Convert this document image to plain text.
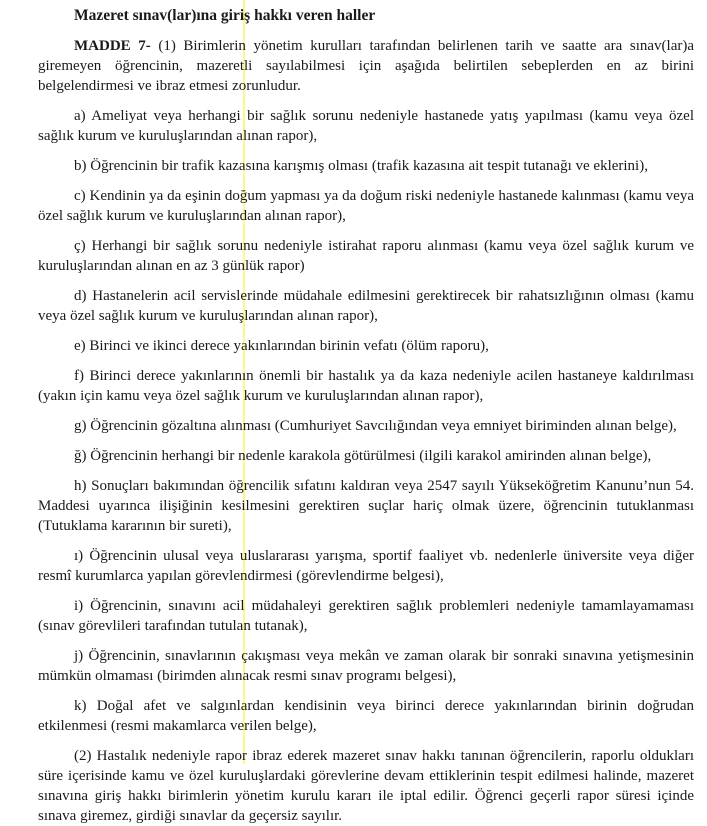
Mazeret sınav(lar)ına giriş hakkı veren haller

MADDE 7- (1) Birimlerin yönetim kurulları tarafından belirlenen tarih ve saatte ara sınav(lar)a giremeyen öğrencinin, mazeretli sayılabilmesi için aşağıda belirtilen sebeplerden en az birini belgelendirmesi ve ibraz etmesi zorunludur.

a) Ameliyat veya herhangi bir sağlık sorunu nedeniyle hastanede yatış yapılması (kamu veya özel sağlık kurum ve kuruluşlarından alınan rapor),

b) Öğrencinin bir trafik kazasına karışmış olması (trafik kazasına ait tespit tutanağı ve eklerini),

c) Kendinin ya da eşinin doğum yapması ya da doğum riski nedeniyle hastanede kalınması (kamu veya özel sağlık kurum ve kuruluşlarından alınan rapor),

ç) Herhangi bir sağlık sorunu nedeniyle istirahat raporu alınması (kamu veya özel sağlık kurum ve kuruluşlarından alınan en az 3 günlük rapor)

d) Hastanelerin acil servislerinde müdahale edilmesini gerektirecek bir rahatsızlığının olması (kamu veya özel sağlık kurum ve kuruluşlarından alınan rapor),

e) Birinci ve ikinci derece yakınlarından birinin vefatı (ölüm raporu),

f) Birinci derece yakınlarının önemli bir hastalık ya da kaza nedeniyle acilen hastaneye kaldırılması (yakın için kamu veya özel sağlık kurum ve kuruluşlarından alınan rapor),

g) Öğrencinin gözaltına alınması (Cumhuriyet Savcılığından veya emniyet biriminden alınan belge),

ğ) Öğrencinin herhangi bir nedenle karakola götürülmesi (ilgili karakol amirinden alınan belge),

h) Sonuçları bakımından öğrencilik sıfatını kaldıran veya 2547 sayılı Yükseköğretim Kanunu’nun 54. Maddesi uyarınca ilişiğinin kesilmesini gerektiren suçlar hariç olmak üzere, öğrencinin tutuklanması (Tutuklama kararının bir sureti),

ı) Öğrencinin ulusal veya uluslararası yarışma, sportif faaliyet vb. nedenlerle üniversite veya diğer resmî kurumlarca yapılan görevlendirmesi (görevlendirme belgesi),

i) Öğrencinin, sınavını acil müdahaleyi gerektiren sağlık problemleri nedeniyle tamamlayamaması (sınav görevlileri tarafından tutulan tutanak),

j) Öğrencinin, sınavlarının çakışması veya mekân ve zaman olarak bir sonraki sınavına yetişmesinin mümkün olmaması (birimden alınacak resmi sınav programı belgesi),

k) Doğal afet ve salgınlardan kendisinin veya birinci derece yakınlarından birinin doğrudan etkilenmesi (resmi makamlarca verilen belge),

(2) Hastalık nedeniyle rapor ibraz ederek mazeret sınav hakkı tanınan öğrencilerin, raporlu oldukları süre içerisinde kamu ve özel kuruluşlardaki görevlerine devam ettiklerinin tespit edilmesi halinde, mazeret sınavına giriş hakkı birimlerin yönetim kurulu kararı ile iptal edilir. Öğrenci geçerli rapor süresi içinde sınava giremez, girdiği sınavlar da geçersiz sayılır.
